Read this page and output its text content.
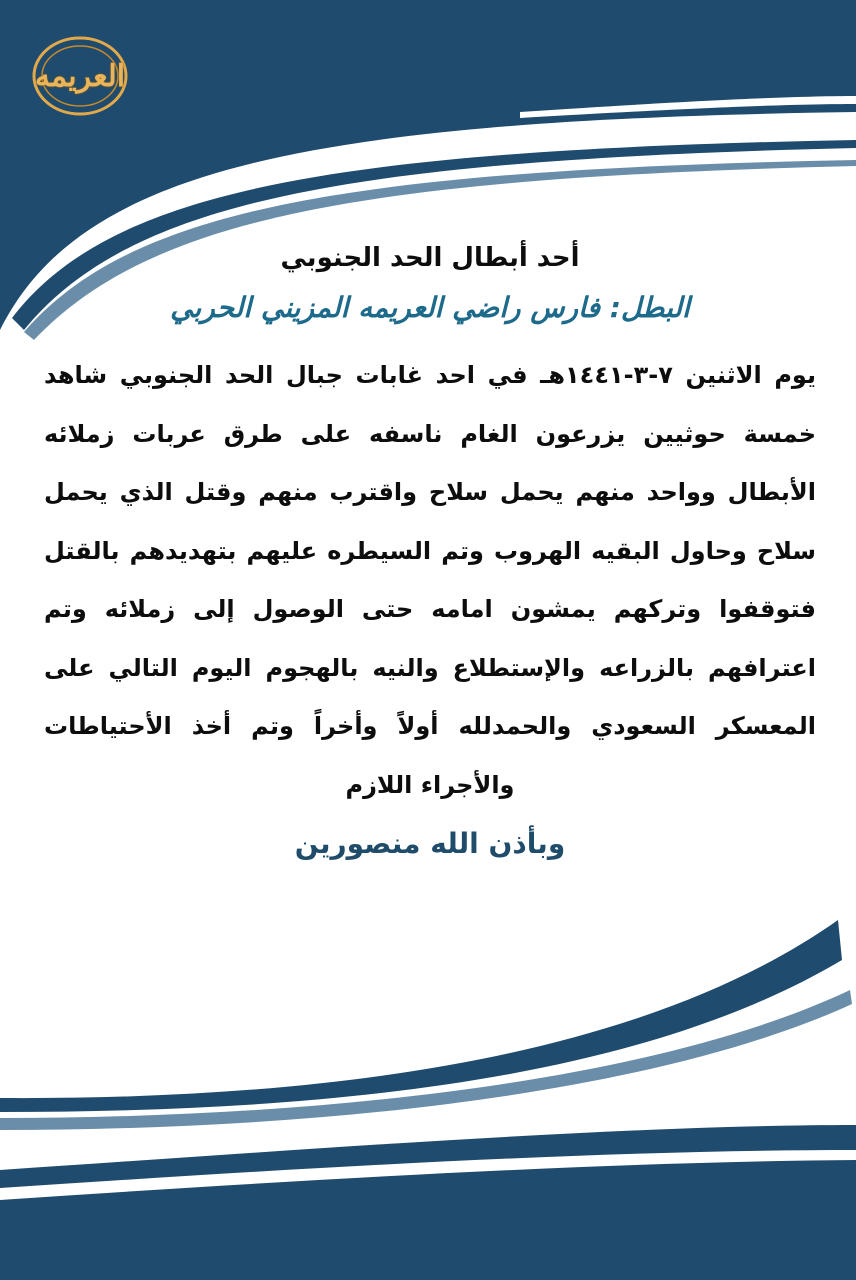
العريمه
أحد أبطال الحد الجنوبي
البطل: فارس راضي العريمه المزيني الحربي

يوم الاثنين ٧-٣-١٤٤١هـ في احد غابات جبال الحد الجنوبي شاهد خمسة حوثيين يزرعون الغام ناسفه على طرق عربات زملائه الأبطال وواحد منهم يحمل سلاح واقترب منهم وقتل الذي يحمل سلاح وحاول البقيه الهروب وتم السيطره عليهم بتهديدهم بالقتل فتوقفوا وتركهم يمشون امامه حتى الوصول إلى زملائه وتم اعترافهم بالزراعه والإستطلاع والنيه بالهجوم اليوم التالي على المعسكر السعودي والحمدلله أولاً وأخراً وتم أخذ الأحتياطات والأجراء اللازم

وبأذن الله منصورين
